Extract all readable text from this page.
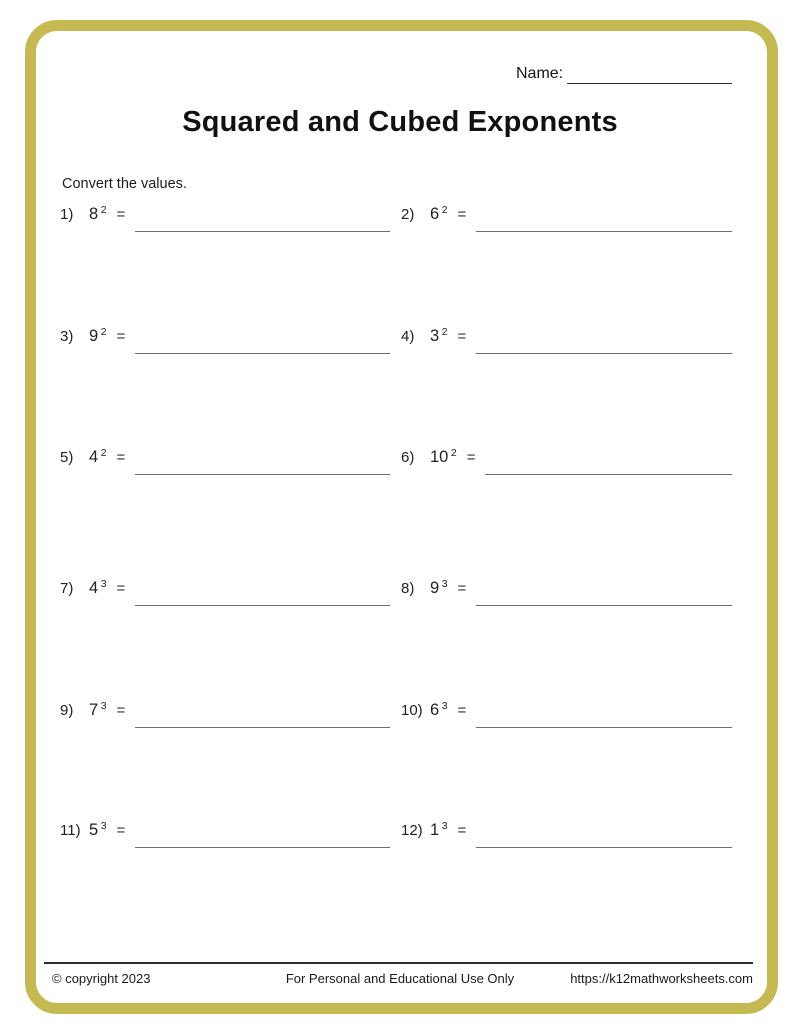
Name:
Squared and Cubed Exponents
Convert the values.
1) $8^2$ =	2) $6^2$ =
3) $9^2$ =	4) $3^2$ =
5) $4^2$ =	6) $10^2$ =
7) $4^3$ =	8) $9^3$ =
9) $7^3$ =	10) $6^3$ =
11) $5^3$ =	12) $1^3$ =
© copyright 2023	For Personal and Educational Use Only	https://k12mathworksheets.com
